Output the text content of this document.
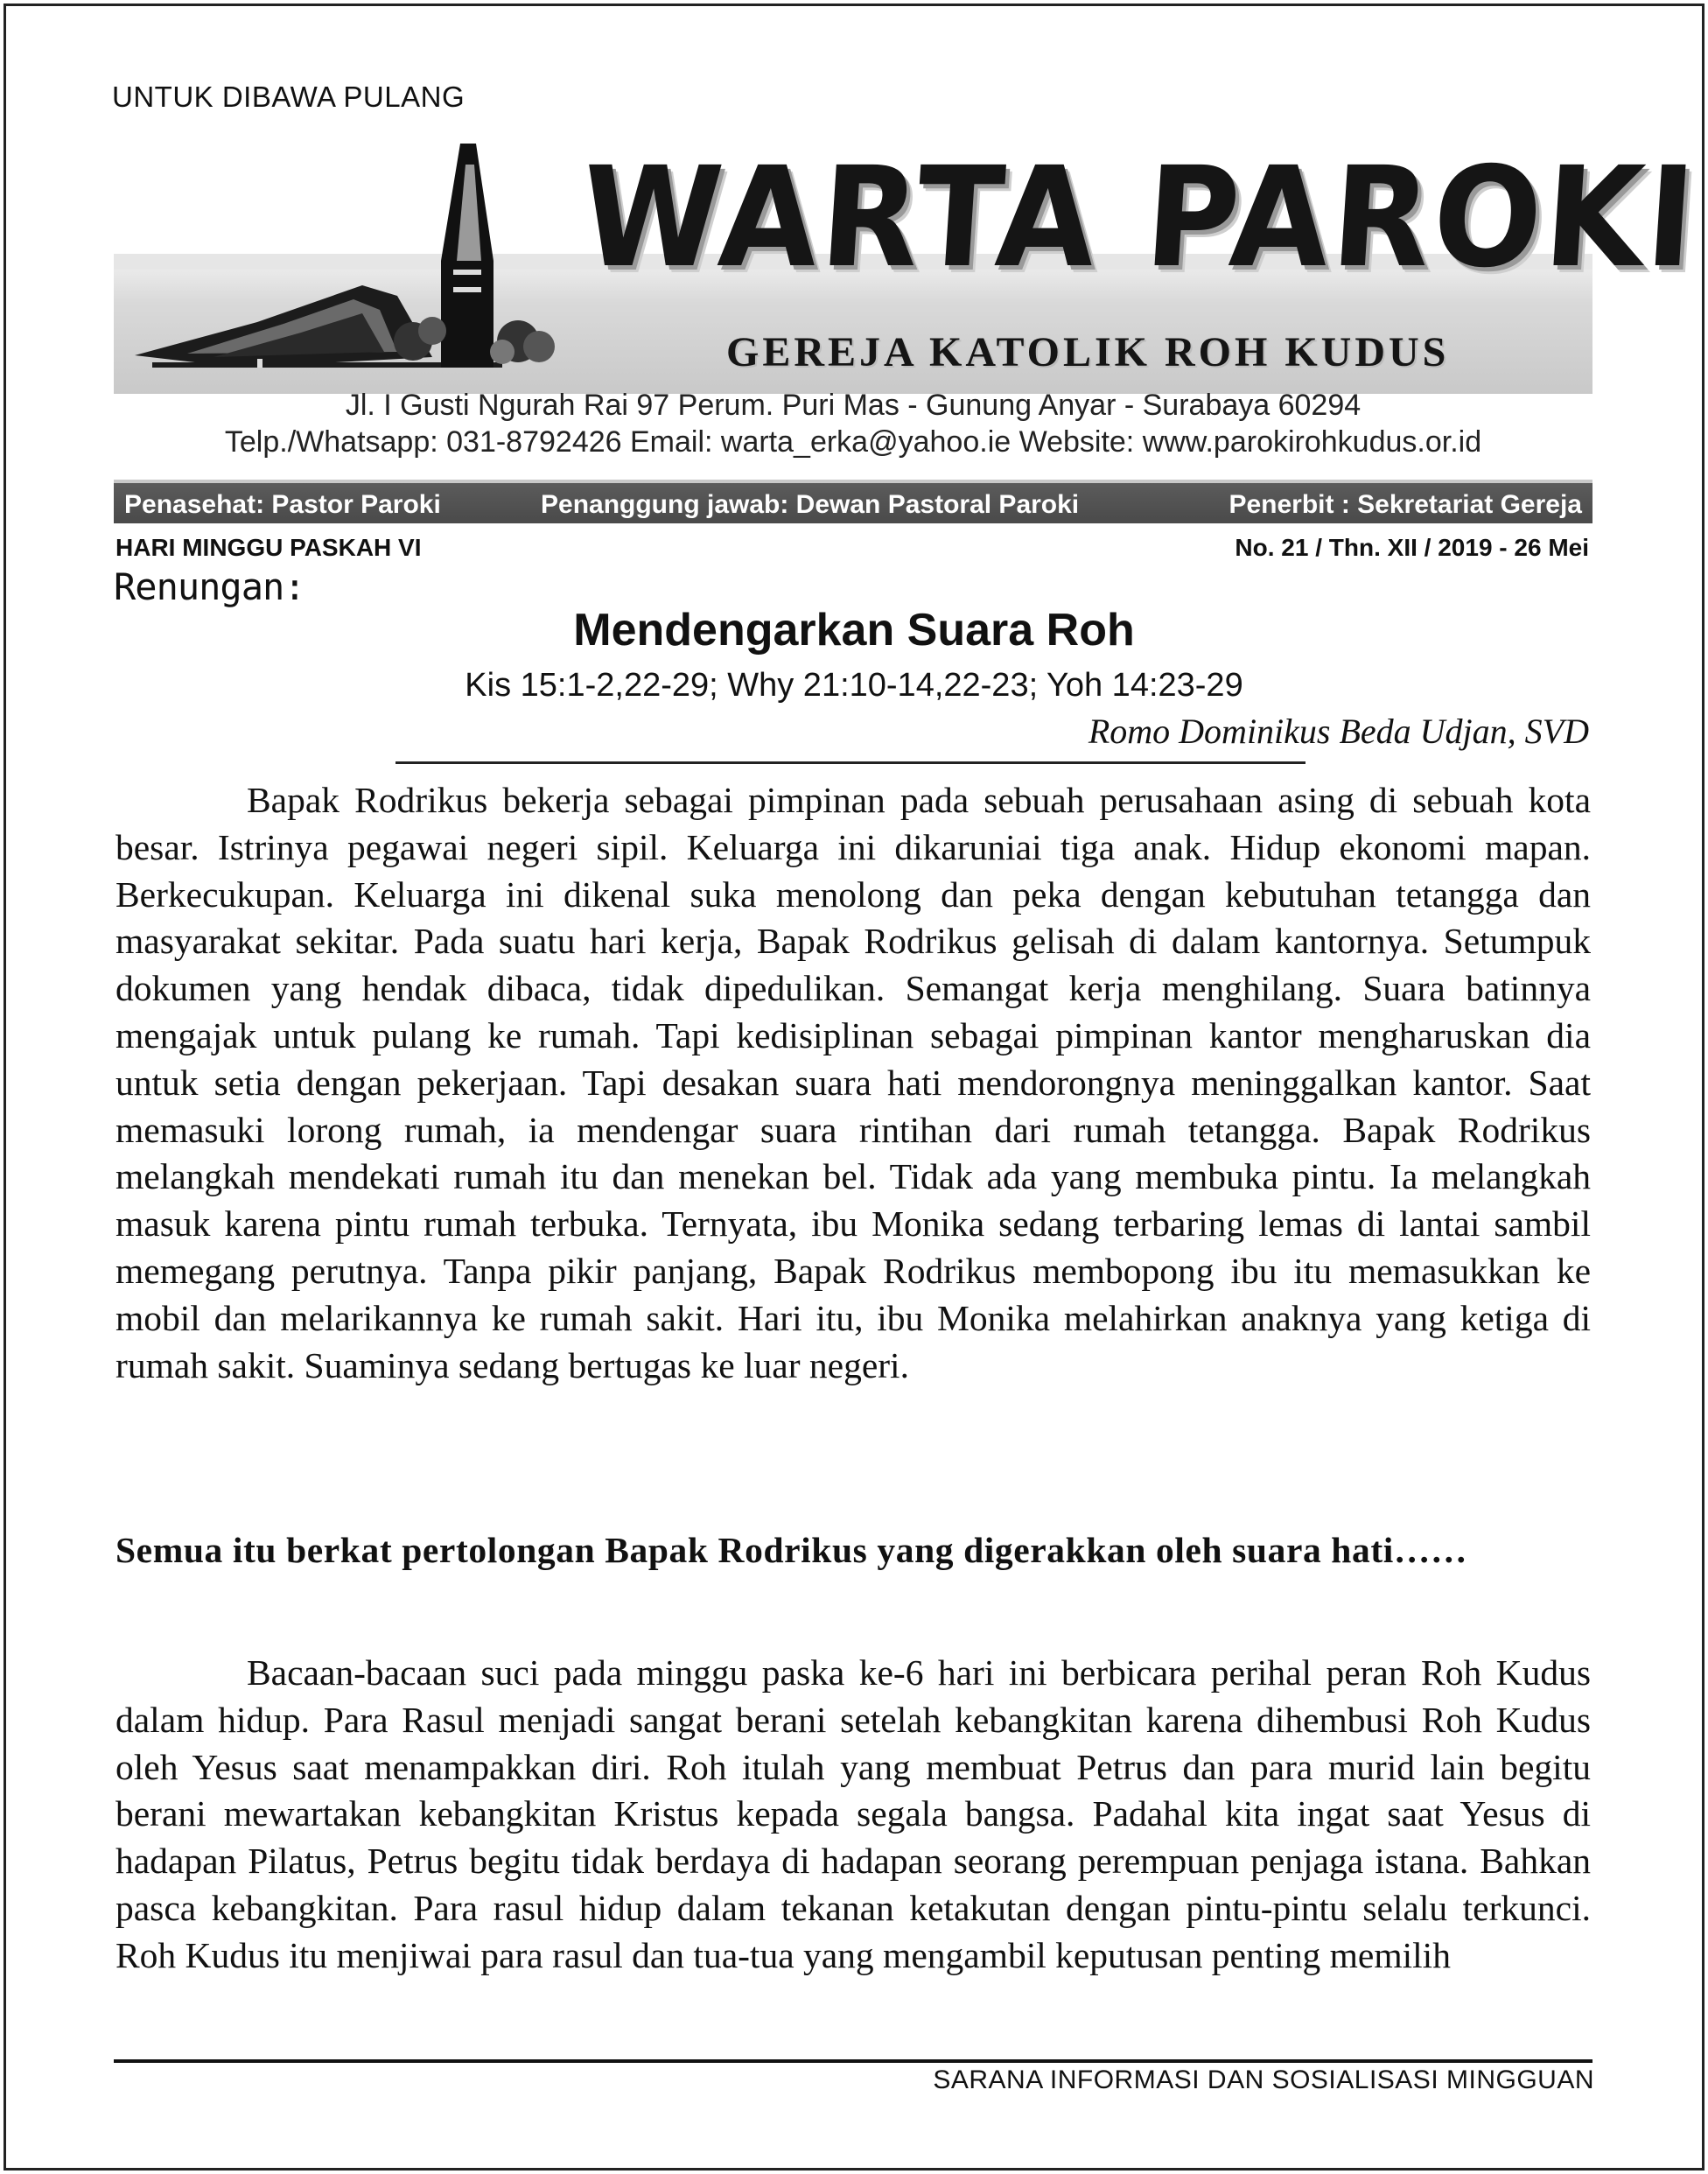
UNTUK DIBAWA PULANG
WARTA PAROKI
GEREJA KATOLIK ROH KUDUS
Jl. I Gusti Ngurah Rai 97 Perum. Puri Mas - Gunung Anyar - Surabaya 60294
Telp./Whatsapp: 031-8792426 Email: warta_erka@yahoo.ie Website: www.parokirohkudus.or.id
Penasehat: Pastor Paroki	Penanggung jawab: Dewan Pastoral Paroki	Penerbit : Sekretariat Gereja
HARI MINGGU PASKAH VI	No. 21 / Thn. XII / 2019 - 26 Mei
Renungan:
Mendengarkan Suara Roh
Kis 15:1-2,22-29; Why 21:10-14,22-23; Yoh 14:23-29
Romo Dominikus Beda Udjan, SVD

Bapak Rodrikus bekerja sebagai pimpinan pada sebuah perusahaan asing di sebuah kota besar. Istrinya pegawai negeri sipil. Keluarga ini dikaruniai tiga anak. Hidup ekonomi mapan. Berkecukupan. Keluarga ini dikenal suka menolong dan peka dengan kebutuhan tetangga dan masyarakat sekitar. Pada suatu hari kerja, Bapak Rodrikus gelisah di dalam kantornya. Setumpuk dokumen yang hendak dibaca, tidak dipedulikan. Semangat kerja menghilang. Suara batinnya mengajak untuk pulang ke rumah. Tapi kedisiplinan sebagai pimpinan kantor mengharuskan dia untuk setia dengan pekerjaan. Tapi desakan suara hati mendorongnya meninggalkan kantor. Saat memasuki lorong rumah, ia mendengar suara rintihan dari rumah tetangga. Bapak Rodrikus melangkah mendekati rumah itu dan menekan bel. Tidak ada yang membuka pintu. Ia melangkah masuk karena pintu rumah terbuka. Ternyata, ibu Monika sedang terbaring lemas di lantai sambil memegang perutnya. Tanpa pikir panjang, Bapak Rodrikus membopong ibu itu memasukkan ke mobil dan melarikannya ke rumah sakit. Hari itu, ibu Monika melahirkan anaknya yang ketiga di rumah sakit. Suaminya sedang bertugas ke luar negeri.

Semua itu berkat pertolongan Bapak Rodrikus yang digerakkan oleh suara hati……

Bacaan-bacaan suci pada minggu paska ke-6 hari ini berbicara perihal peran Roh Kudus dalam hidup. Para Rasul menjadi sangat berani setelah kebangkitan karena dihembusi Roh Kudus oleh Yesus saat menampakkan diri. Roh itulah yang membuat Petrus dan para murid lain begitu berani mewartakan kebangkitan Kristus kepada segala bangsa. Padahal kita ingat saat Yesus di hadapan Pilatus, Petrus begitu tidak berdaya di hadapan seorang perempuan penjaga istana. Bahkan pasca kebangkitan. Para rasul hidup dalam tekanan ketakutan dengan pintu-pintu selalu terkunci. Roh Kudus itu menjiwai para rasul dan tua-tua yang mengambil keputusan penting memilih

SARANA INFORMASI DAN SOSIALISASI MINGGUAN
